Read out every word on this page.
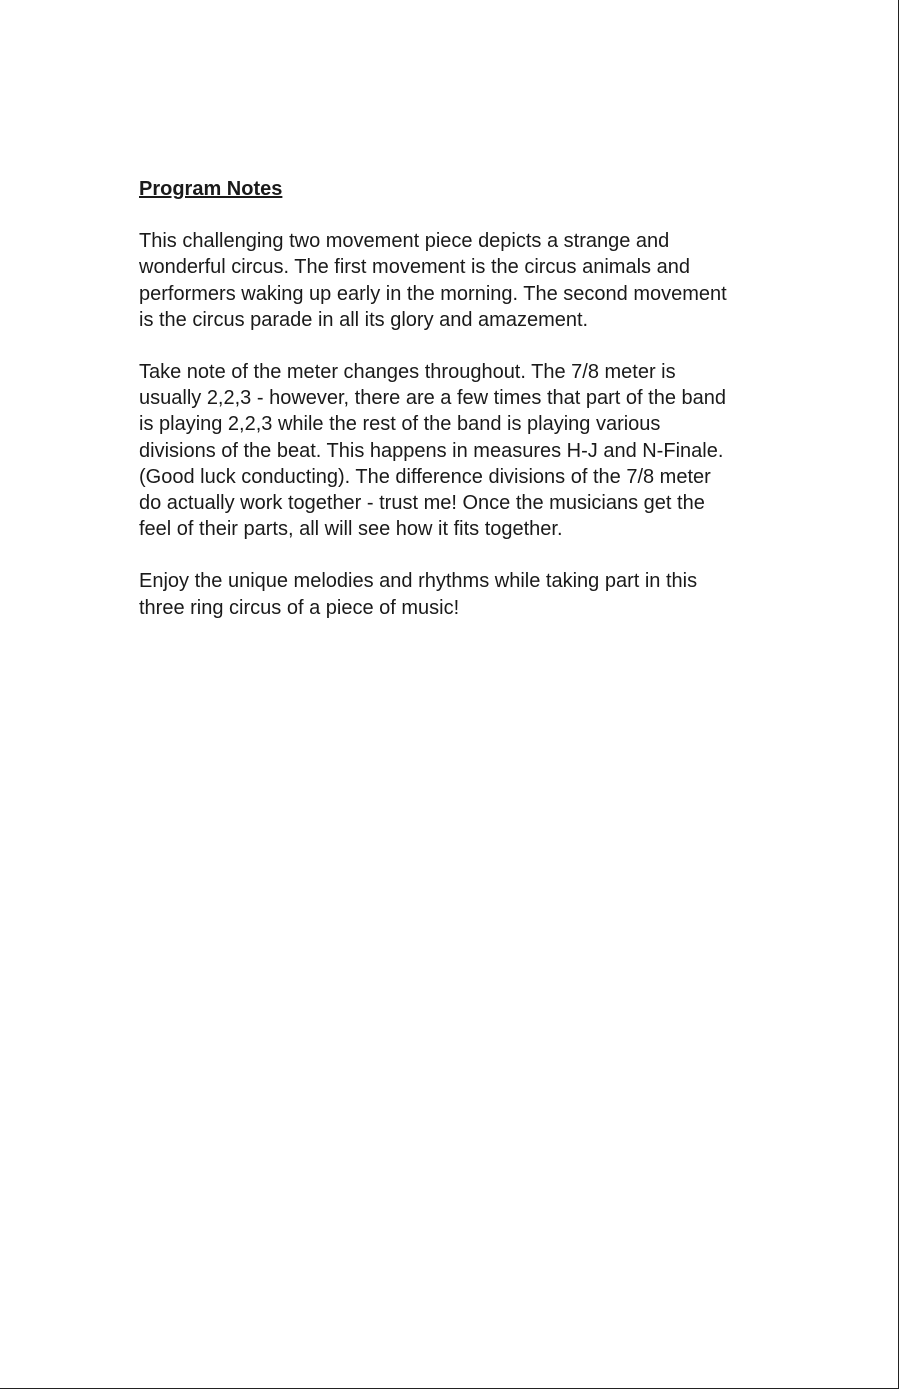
Program Notes
This challenging two movement piece depicts a strange and
wonderful circus. The first movement is the circus animals and
performers waking up early in the morning. The second movement
is the circus parade in all its glory and amazement.
Take note of the meter changes throughout. The 7/8 meter is
usually 2,2,3 - however, there are a few times that part of the band
is playing 2,2,3 while the rest of the band is playing various
divisions of the beat. This happens in measures H-J and N-Finale.
(Good luck conducting). The difference divisions of the 7/8 meter
do actually work together - trust me! Once the musicians get the
feel of their parts, all will see how it fits together.
Enjoy the unique melodies and rhythms while taking part in this
three ring circus of a piece of music!
